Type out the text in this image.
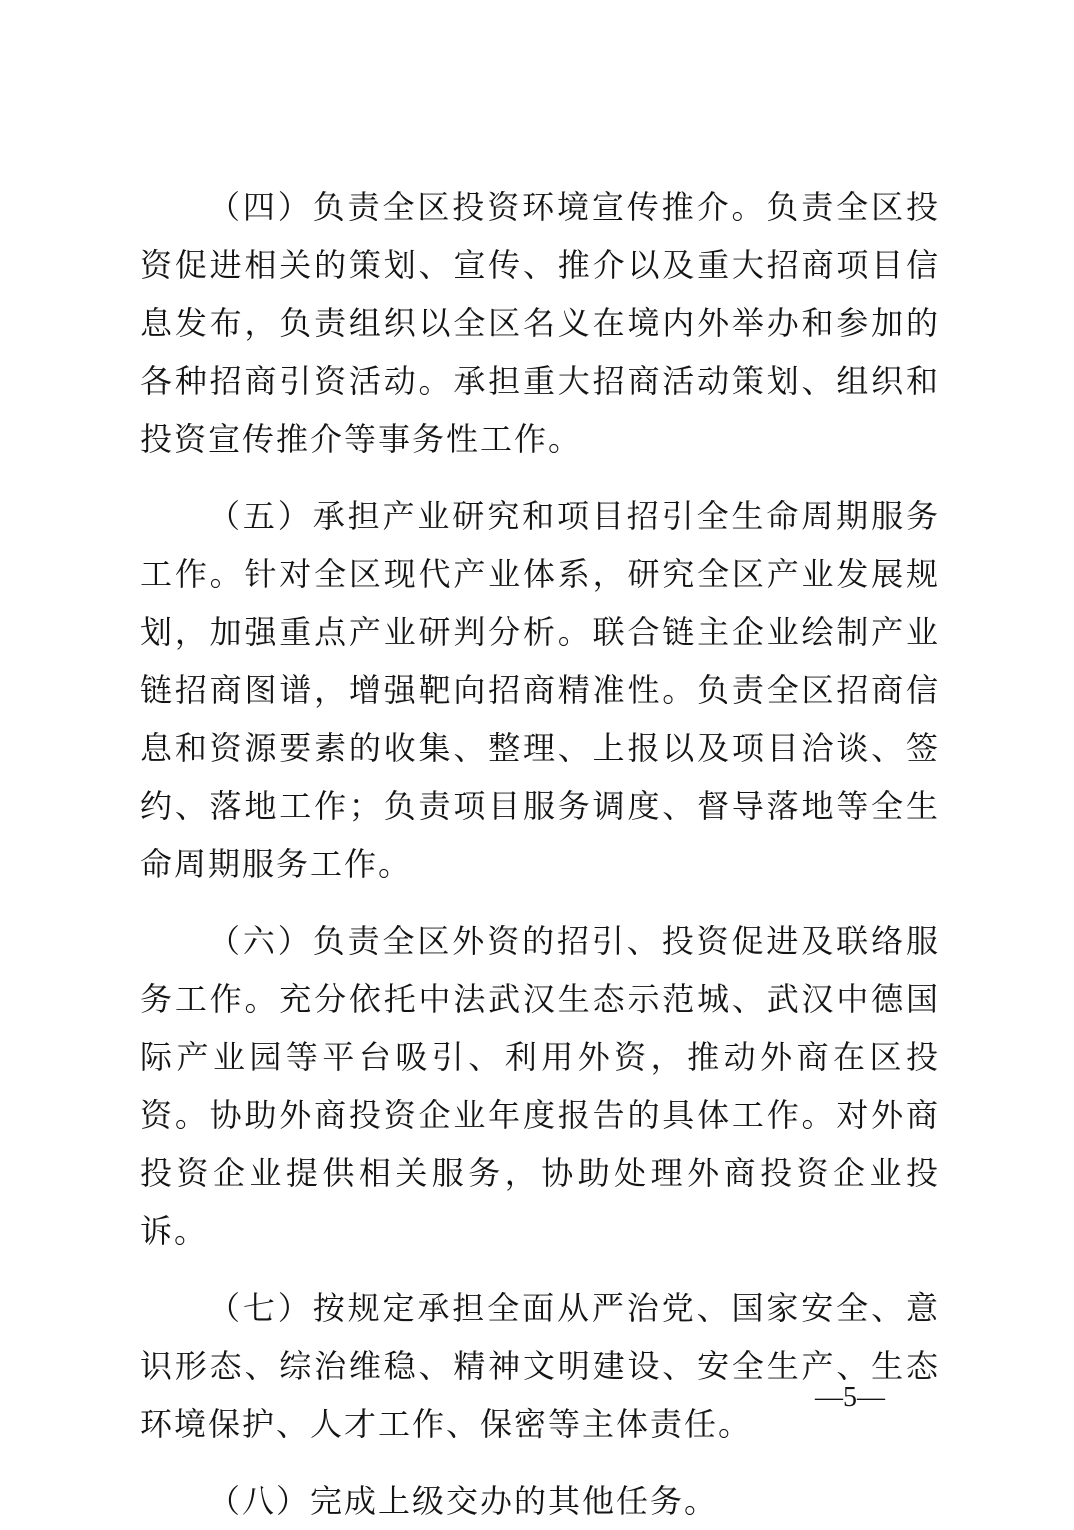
（四）负责全区投资环境宣传推介。负责全区投资促进相关的策划、宣传、推介以及重大招商项目信息发布，负责组织以全区名义在境内外举办和参加的各种招商引资活动。承担重大招商活动策划、组织和投资宣传推介等事务性工作。

（五）承担产业研究和项目招引全生命周期服务工作。针对全区现代产业体系，研究全区产业发展规划，加强重点产业研判分析。联合链主企业绘制产业链招商图谱，增强靶向招商精准性。负责全区招商信息和资源要素的收集、整理、上报以及项目洽谈、签约、落地工作；负责项目服务调度、督导落地等全生命周期服务工作。

（六）负责全区外资的招引、投资促进及联络服务工作。充分依托中法武汉生态示范城、武汉中德国际产业园等平台吸引、利用外资，推动外商在区投资。协助外商投资企业年度报告的具体工作。对外商投资企业提供相关服务，协助处理外商投资企业投诉。

（七）按规定承担全面从严治党、国家安全、意识形态、综治维稳、精神文明建设、安全生产、生态环境保护、人才工作、保密等主体责任。

（八）完成上级交办的其他任务。

—5—
